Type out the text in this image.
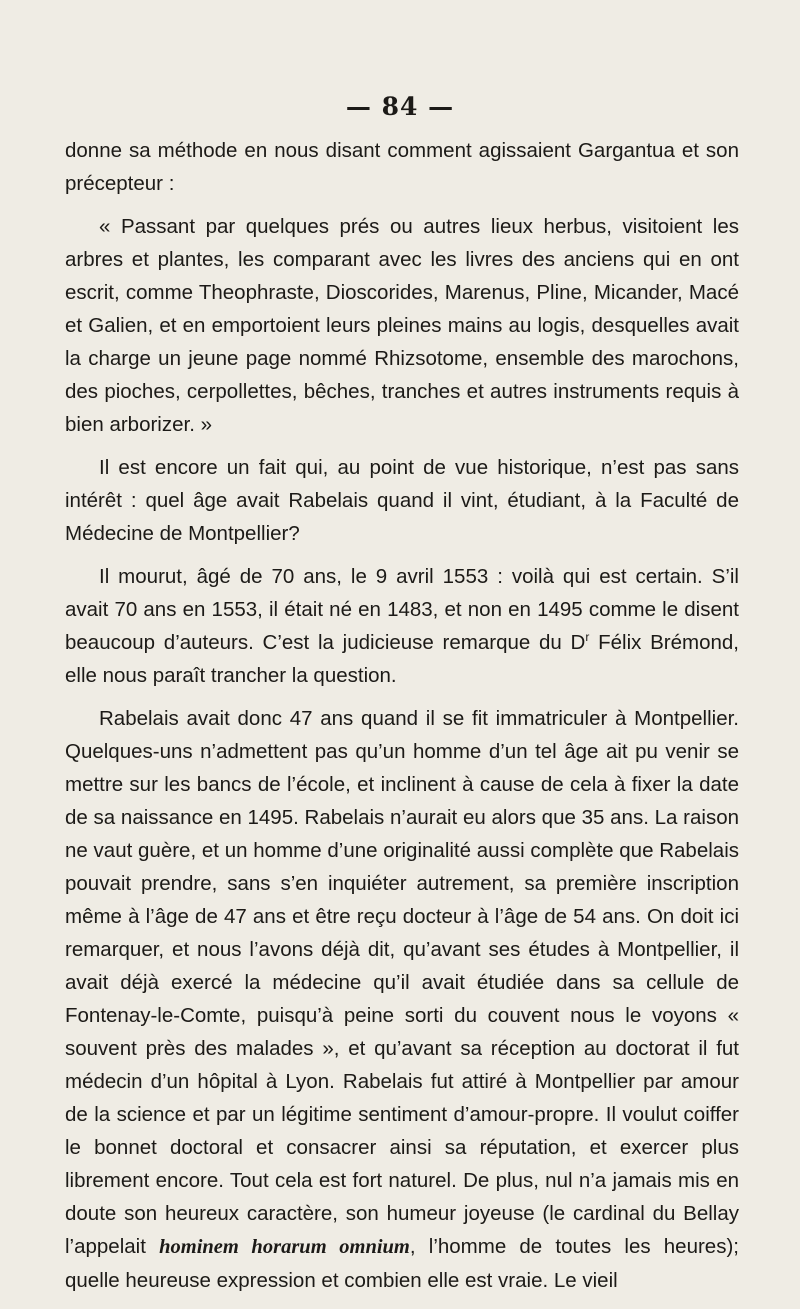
— 84 —

donne sa méthode en nous disant comment agissaient Gargantua et son précepteur :

« Passant par quelques prés ou autres lieux herbus, visitoient les arbres et plantes, les comparant avec les livres des anciens qui en ont escrit, comme Theophraste, Dioscorides, Marenus, Pline, Micander, Macé et Galien, et en emportoient leurs pleines mains au logis, desquelles avait la charge un jeune page nommé Rhizsotome, ensemble des marochons, des pioches, cerpollettes, bêches, tranches et autres instruments requis à bien arborizer. »

Il est encore un fait qui, au point de vue historique, n’est pas sans intérêt : quel âge avait Rabelais quand il vint, étudiant, à la Faculté de Médecine de Montpellier?

Il mourut, âgé de 70 ans, le 9 avril 1553 : voilà qui est certain. S’il avait 70 ans en 1553, il était né en 1483, et non en 1495 comme le disent beaucoup d’auteurs. C’est la judicieuse remarque du $D^r$ Félix Brémond, elle nous paraît trancher la question.

Rabelais avait donc 47 ans quand il se fit immatriculer à Montpellier. Quelques-uns n’admettent pas qu’un homme d’un tel âge ait pu venir se mettre sur les bancs de l’école, et inclinent à cause de cela à fixer la date de sa naissance en 1495. Rabelais n’aurait eu alors que 35 ans. La raison ne vaut guère, et un homme d’une originalité aussi complète que Rabelais pouvait prendre, sans s’en inquiéter autrement, sa première inscription même à l’âge de 47 ans et être reçu docteur à l’âge de 54 ans. On doit ici remarquer, et nous l’avons déjà dit, qu’avant ses études à Montpellier, il avait déjà exercé la médecine qu’il avait étudiée dans sa cellule de Fontenay-le-Comte, puisqu’à peine sorti du couvent nous le voyons « souvent près des malades », et qu’avant sa réception au doctorat il fut médecin d’un hôpital à Lyon. Rabelais fut attiré à Montpellier par amour de la science et par un légitime sentiment d’amour-propre. Il voulut coiffer le bonnet doctoral et consacrer ainsi sa réputation, et exercer plus librement encore. Tout cela est fort naturel. De plus, nul n’a jamais mis en doute son heureux caractère, son humeur joyeuse (le cardinal du Bellay l’appelait hominem horarum omnium, l’homme de toutes les heures); quelle heureuse expression et combien elle est vraie. Le vieil
